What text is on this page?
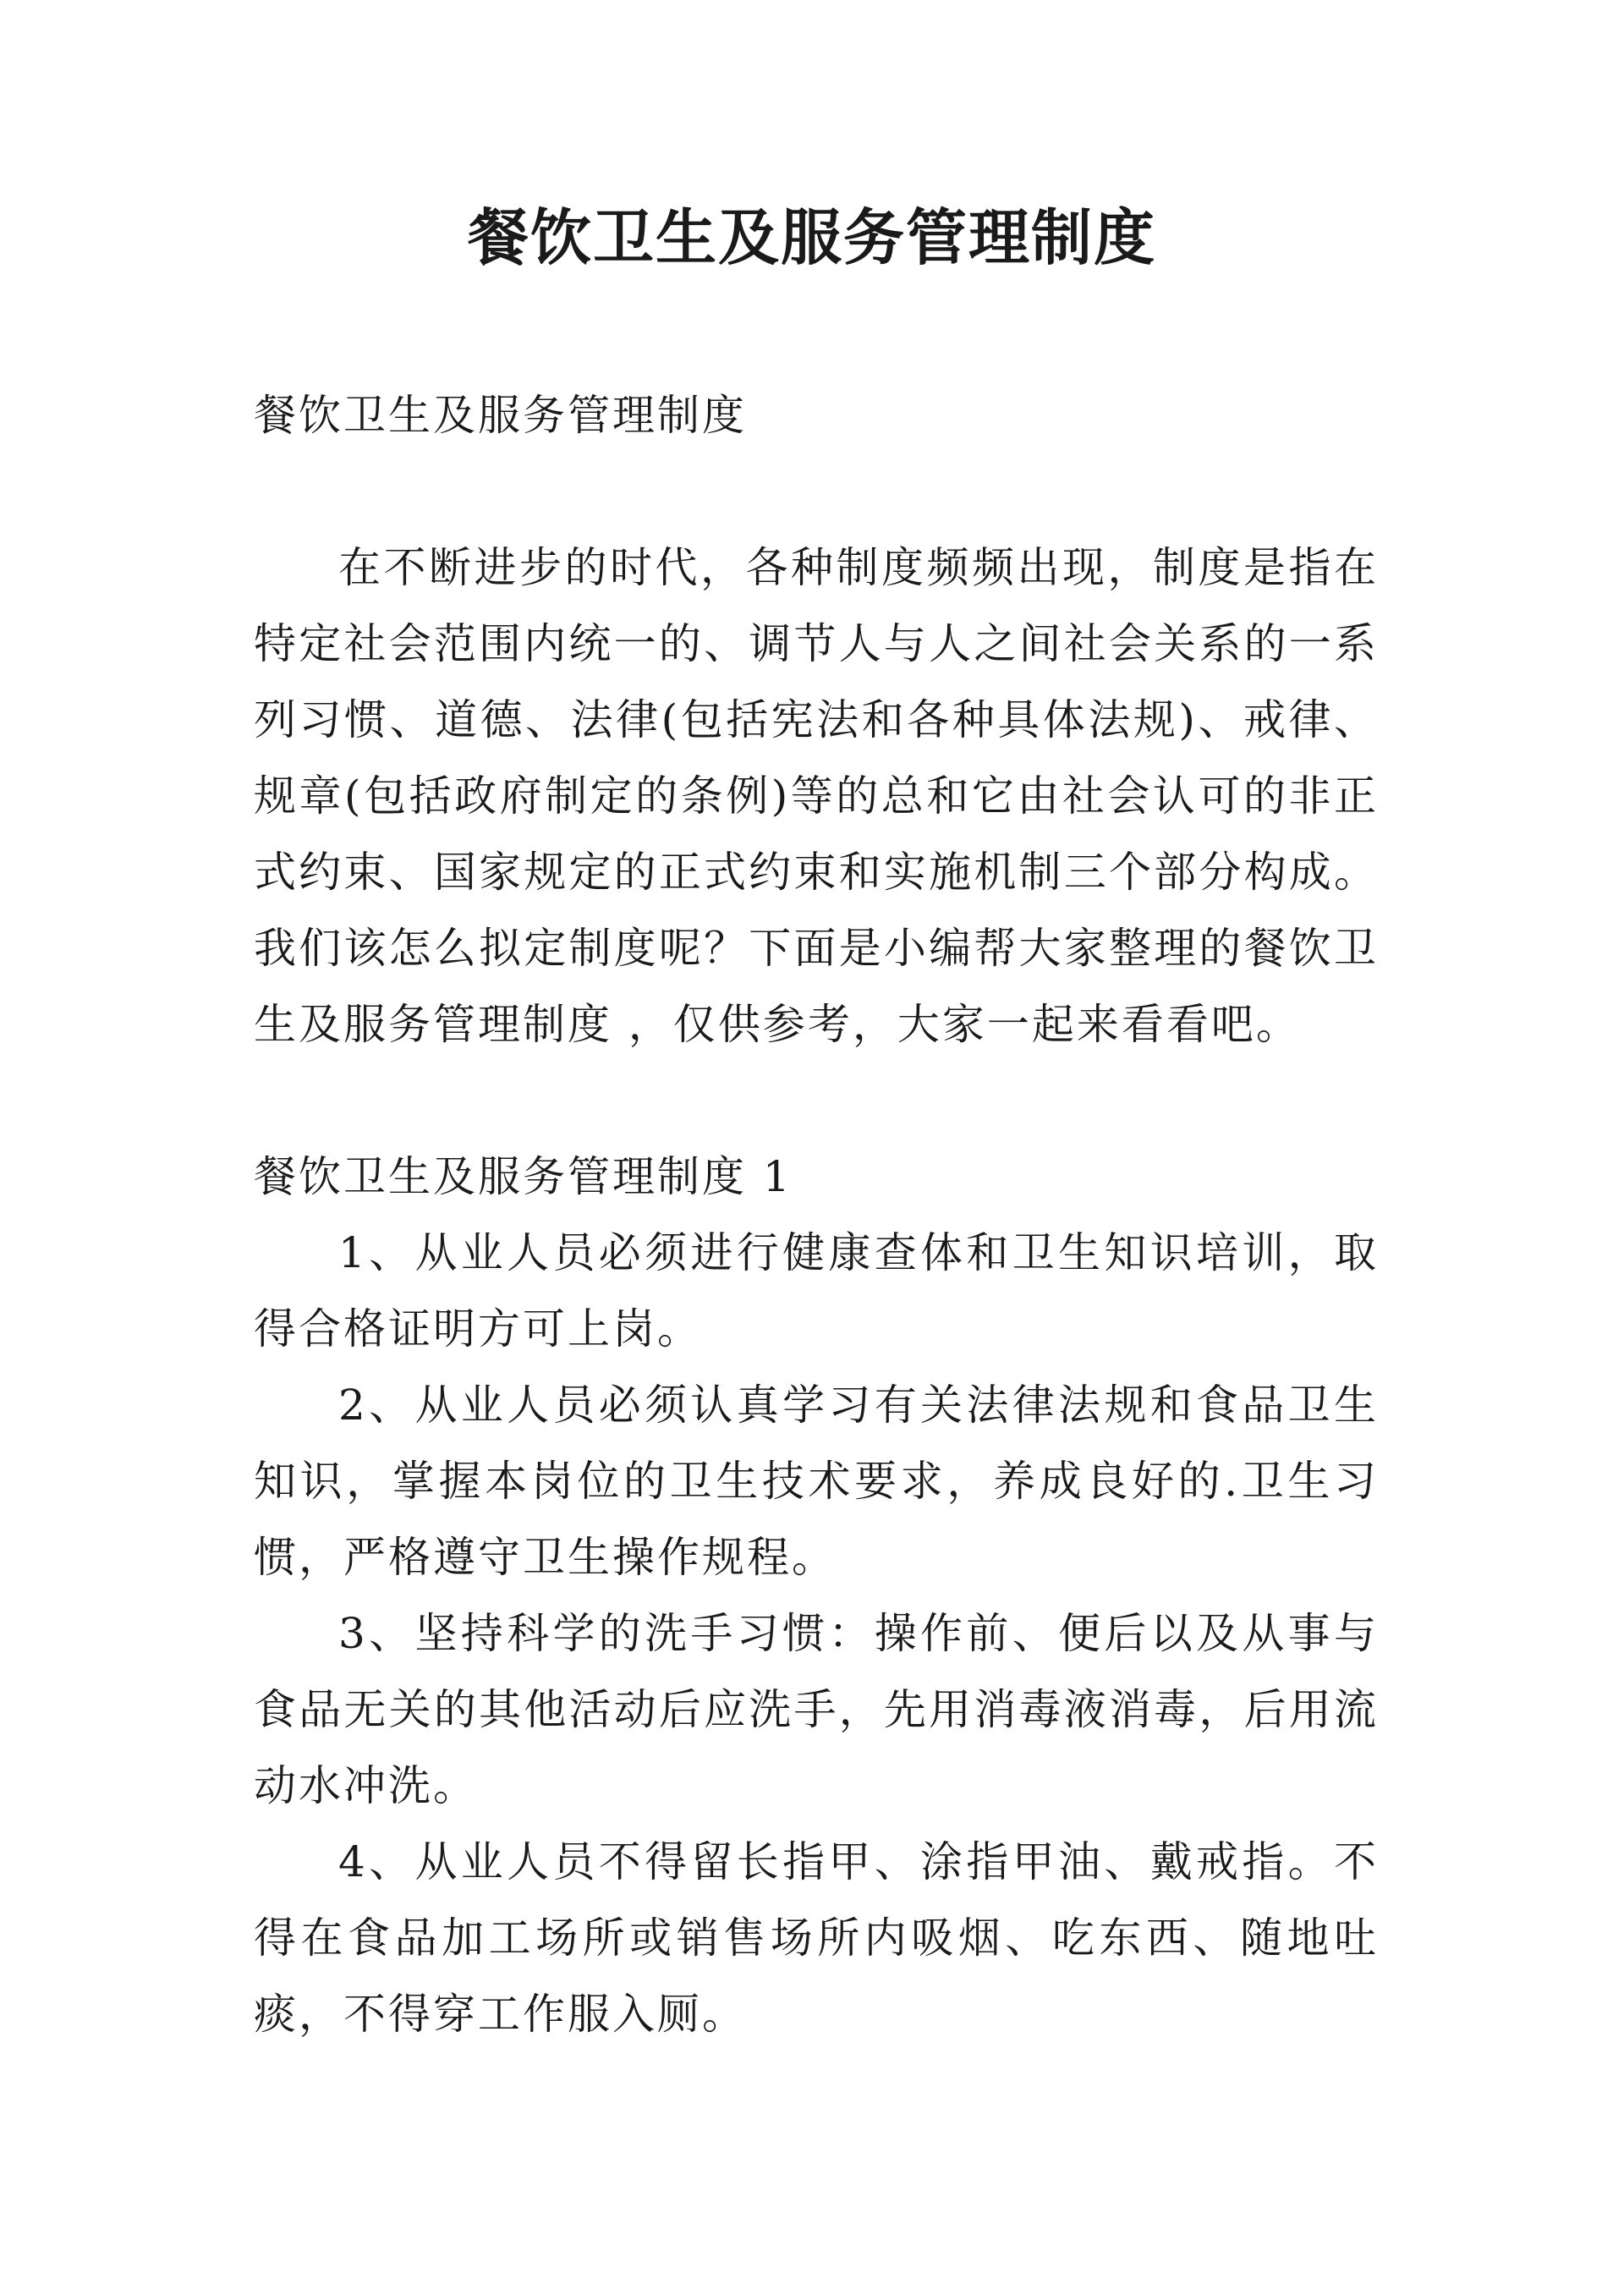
餐饮卫生及服务管理制度

餐饮卫生及服务管理制度

在不断进步的时代，各种制度频频出现，制度是指在特定社会范围内统一的、调节人与人之间社会关系的一系列习惯、道德、法律(包括宪法和各种具体法规)、戒律、规章(包括政府制定的条例)等的总和它由社会认可的非正式约束、国家规定的正式约束和实施机制三个部分构成。我们该怎么拟定制度呢？下面是小编帮大家整理的餐饮卫生及服务管理制度 ，仅供参考，大家一起来看看吧。

餐饮卫生及服务管理制度 1

1、从业人员必须进行健康查体和卫生知识培训，取得合格证明方可上岗。
2、从业人员必须认真学习有关法律法规和食品卫生知识，掌握本岗位的卫生技术要求，养成良好的.卫生习惯，严格遵守卫生操作规程。
3、坚持科学的洗手习惯：操作前、便后以及从事与食品无关的其他活动后应洗手，先用消毒液消毒，后用流动水冲洗。
4、从业人员不得留长指甲、涂指甲油、戴戒指。不得在食品加工场所或销售场所内吸烟、吃东西、随地吐痰，不得穿工作服入厕。
